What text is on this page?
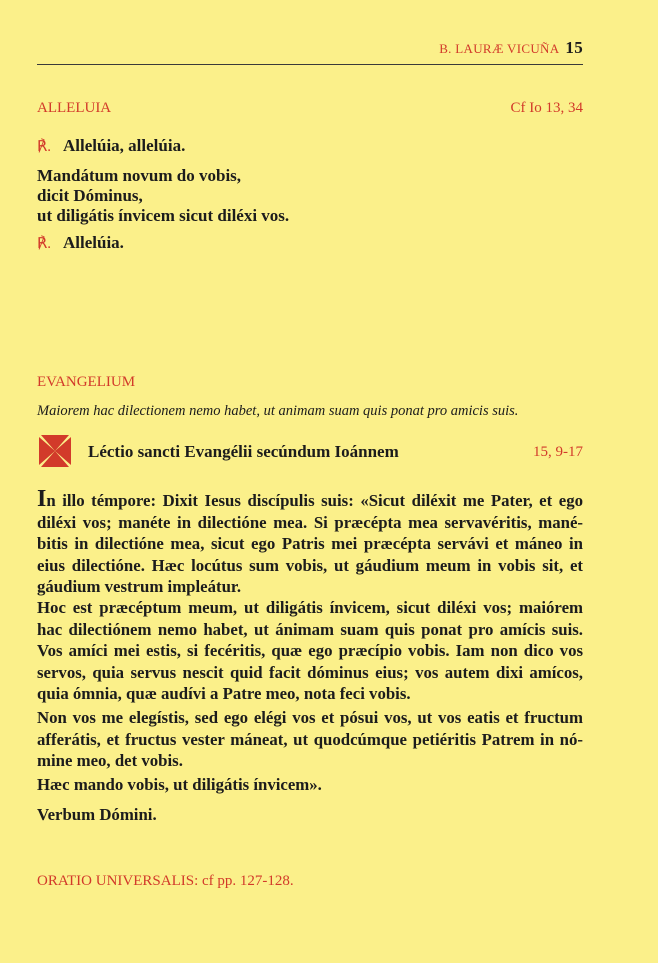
B. LAURÆ VICUÑA 15
ALLELUIA	Cf Io 13, 34
℟. Allelúia, allelúia.
Mandátum novum do vobis,
dicit Dóminus,
ut diligátis ínvicem sicut diléxi vos.
℟. Allelúia.
EVANGELIUM
Maiorem hac dilectionem nemo habet, ut animam suam quis ponat pro amicis suis.
Léctio sancti Evangélii secúndum Ioánnem	15, 9-17
In illo témpore: Dixit Iesus discípulis suis: «Sicut diléxit me Pater, et ego
diléxi vos; manéte in dilectióne mea. Si præcépta mea servavéritis, mané-
bitis in dilectióne mea, sicut ego Patris mei præcépta servávi et máneo in
eius dilectióne. Hæc locútus sum vobis, ut gáudium meum in vobis sit, et
gáudium vestrum impleátur.
Hoc est præcéptum meum, ut diligátis ínvicem, sicut diléxi vos; maiórem
hac dilectiónem nemo habet, ut ánimam suam quis ponat pro amícis suis.
Vos amíci mei estis, si fecéritis, quæ ego præcípio vobis. Iam non dico vos
servos, quia servus nescit quid facit dóminus eius; vos autem dixi amícos,
quia ómnia, quæ audívi a Patre meo, nota feci vobis.
Non vos me elegístis, sed ego elégi vos et pósui vos, ut vos eatis et fructum
afferátis, et fructus vester máneat, ut quodcúmque petiéritis Patrem in nó-
mine meo, det vobis.
Hæc mando vobis, ut diligátis ínvicem».
Verbum Dómini.
ORATIO UNIVERSALIS: cf pp. 127-128.
